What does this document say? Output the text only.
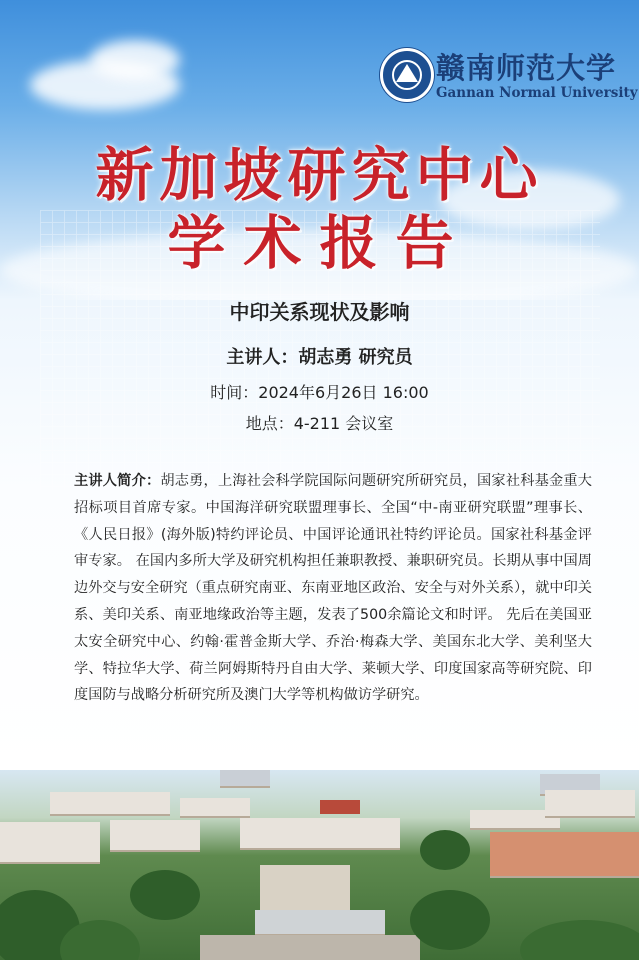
赣南师范大学
Gannan Normal University
新加坡研究中心
学术报告
中印关系现状及影响
主讲人：胡志勇 研究员
时间：2024年6月26日 16:00
地点：4-211 会议室
主讲人简介：胡志勇，上海社会科学院国际问题研究所研究员，国家社科基金重大招标项目首席专家。中国海洋研究联盟理事长、全国“中-南亚研究联盟”理事长、《人民日报》(海外版)特约评论员、中国评论通讯社特约评论员。国家社科基金评审专家。 在国内多所大学及研究机构担任兼职教授、兼职研究员。长期从事中国周边外交与安全研究（重点研究南亚、东南亚地区政治、安全与对外关系），就中印关系、美印关系、南亚地缘政治等主题，发表了500余篇论文和时评。 先后在美国亚太安全研究中心、约翰·霍普金斯大学、乔治·梅森大学、美国东北大学、美利坚大学、特拉华大学、荷兰阿姆斯特丹自由大学、莱顿大学、印度国家高等研究院、印度国防与战略分析研究所及澳门大学等机构做访学研究。
